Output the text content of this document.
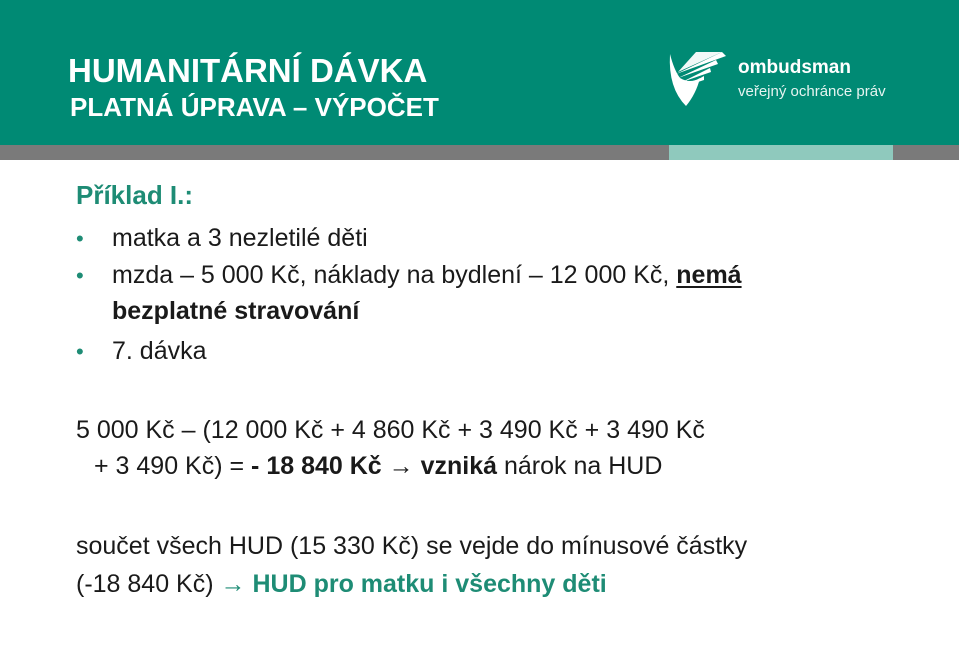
HUMANITÁRNÍ DÁVKA
PLATNÁ ÚPRAVA – VÝPOČET
ombudsman
veřejný ochránce práv
Příklad I.:
• matka a 3 nezletilé děti
• mzda – 5 000 Kč, náklady na bydlení – 12 000 Kč, nemá
bezplatné stravování
• 7. dávka
5 000 Kč – (12 000 Kč + 4 860 Kč + 3 490 Kč + 3 490 Kč
+ 3 490 Kč) = - 18 840 Kč → vzniká nárok na HUD
součet všech HUD (15 330 Kč) se vejde do mínusové částky
(-18 840 Kč) → HUD pro matku i všechny děti
